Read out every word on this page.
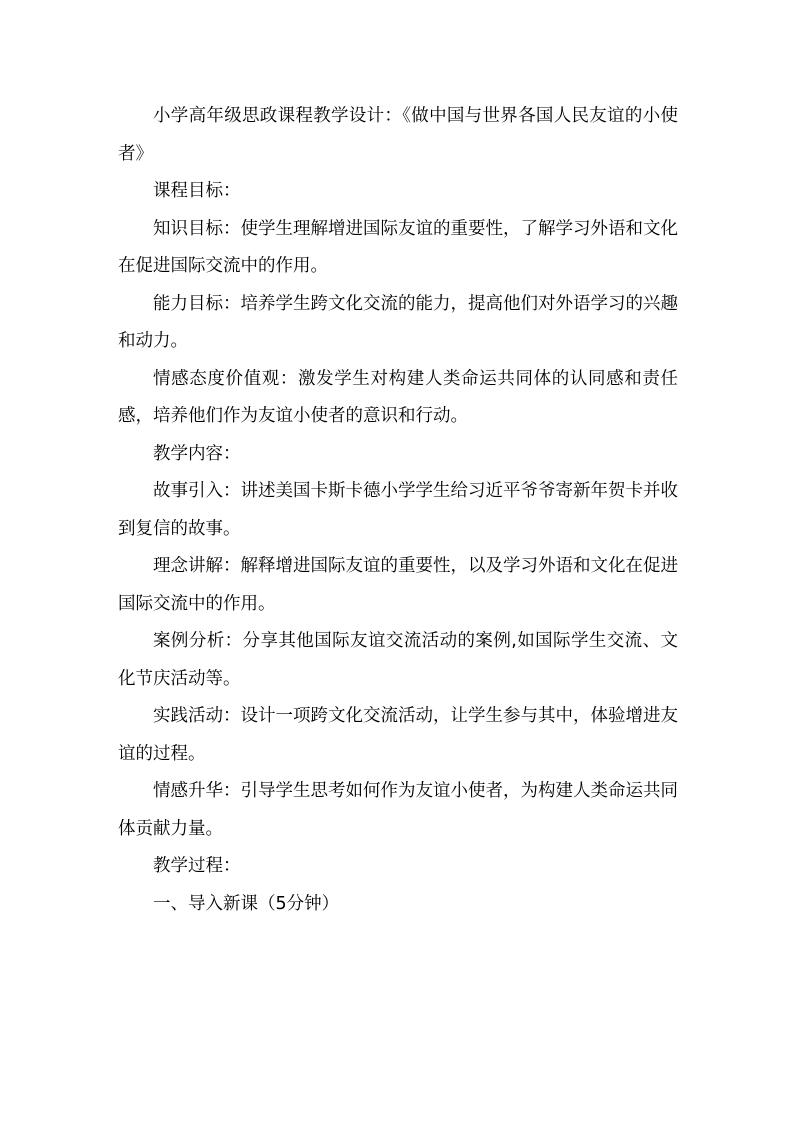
小学高年级思政课程教学设计：《做中国与世界各国人民友谊的小使者》

课程目标：

知识目标：使学生理解增进国际友谊的重要性，了解学习外语和文化在促进国际交流中的作用。

能力目标：培养学生跨文化交流的能力，提高他们对外语学习的兴趣和动力。

情感态度价值观：激发学生对构建人类命运共同体的认同感和责任感，培养他们作为友谊小使者的意识和行动。

教学内容：

故事引入：讲述美国卡斯卡德小学学生给习近平爷爷寄新年贺卡并收到复信的故事。

理念讲解：解释增进国际友谊的重要性，以及学习外语和文化在促进国际交流中的作用。

案例分析：分享其他国际友谊交流活动的案例,如国际学生交流、文化节庆活动等。

实践活动：设计一项跨文化交流活动，让学生参与其中，体验增进友谊的过程。

情感升华：引导学生思考如何作为友谊小使者，为构建人类命运共同体贡献力量。

教学过程：

一、导入新课（5分钟）
